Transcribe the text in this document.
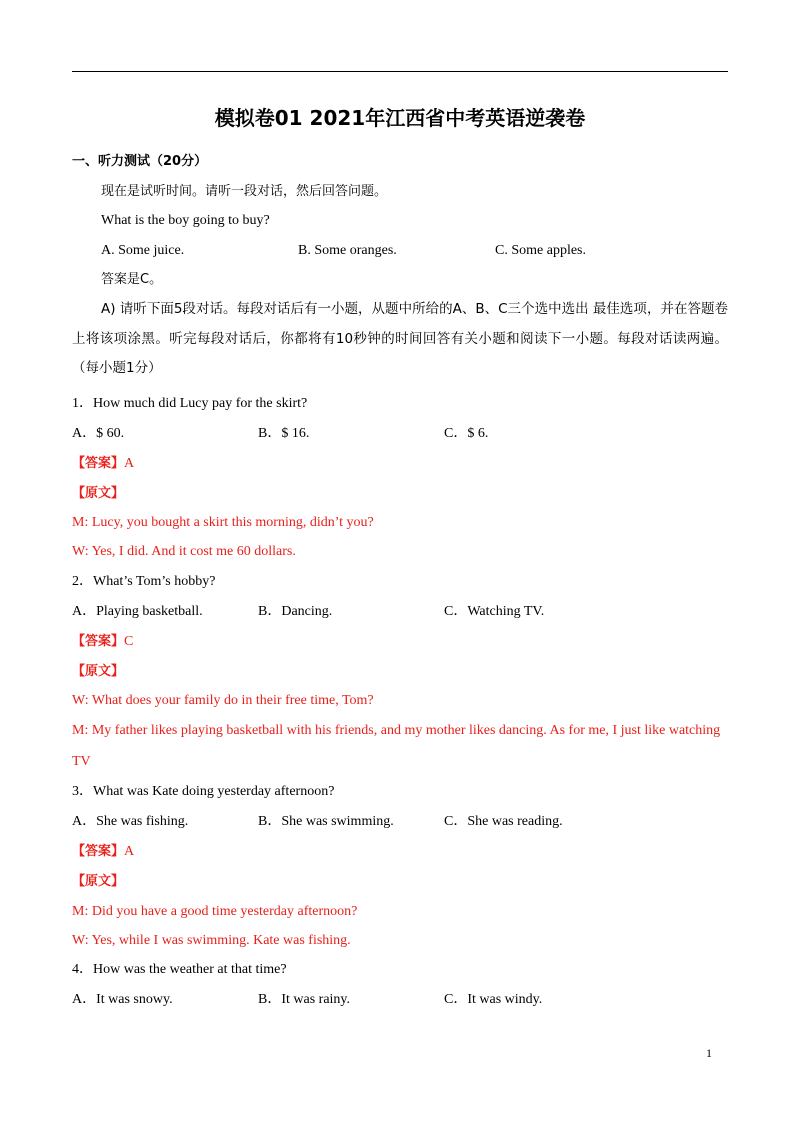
模拟卷01 2021年江西省中考英语逆袭卷
一、听力测试（20分）
现在是试听时间。请听一段对话，然后回答问题。
What is the boy going to buy?
A. Some juice.	B. Some oranges.	C. Some apples.
答案是C。
A) 请听下面5段对话。每段对话后有一小题，从题中所给的A、B、C三个选中选出 最佳选项，并在答题卷上将该项涂黑。听完每段对话后，你都将有10秒钟的时间回答有关小题和阅读下一小题。每段对话读两遍。（每小题1分）
1．How much did Lucy pay for the skirt?
A．$ 60.	B．$ 16.	C．$ 6.
【答案】A
【原文】
M: Lucy, you bought a skirt this morning, didn’t you?
W: Yes, I did. And it cost me 60 dollars.
2．What’s Tom’s hobby?
A．Playing basketball.	B．Dancing.	C．Watching TV.
【答案】C
【原文】
W: What does your family do in their free time, Tom?
M: My father likes playing basketball with his friends, and my mother likes dancing. As for me, I just like watching
TV
3．What was Kate doing yesterday afternoon?
A．She was fishing.	B．She was swimming.	C．She was reading.
【答案】A
【原文】
M: Did you have a good time yesterday afternoon?
W: Yes, while I was swimming. Kate was fishing.
4．How was the weather at that time?
A．It was snowy.	B．It was rainy.	C．It was windy.
1
